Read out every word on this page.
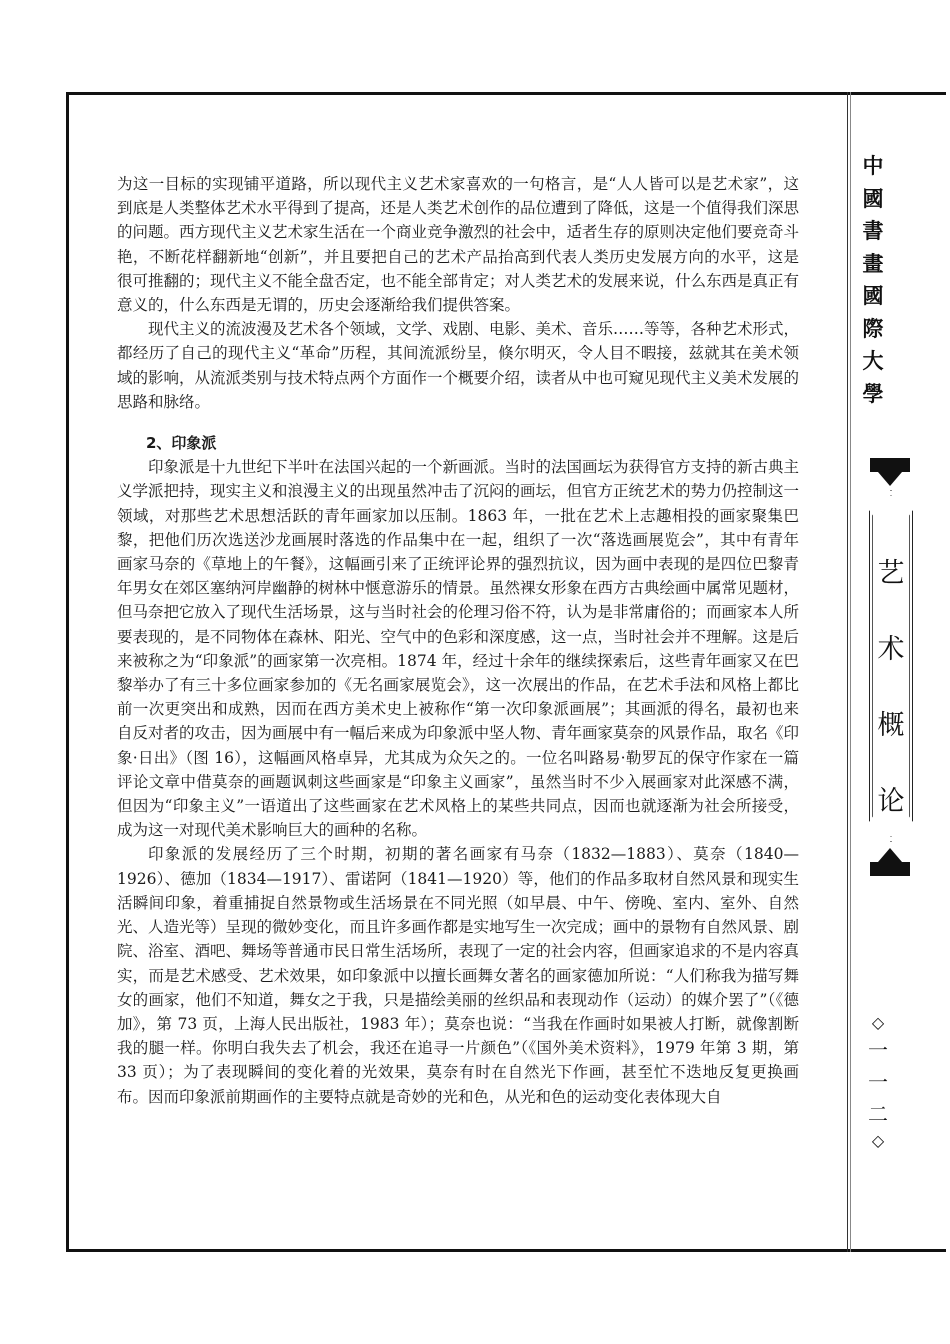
为这一目标的实现铺平道路，所以现代主义艺术家喜欢的一句格言，是“人人皆可以是艺术家”，这到底是人类整体艺术水平得到了提高，还是人类艺术创作的品位遭到了降低，这是一个值得我们深思的问题。西方现代主义艺术家生活在一个商业竞争激烈的社会中，适者生存的原则决定他们要竞奇斗艳，不断花样翻新地“创新”，并且要把自己的艺术产品抬高到代表人类历史发展方向的水平，这是很可推翻的；现代主义不能全盘否定，也不能全部肯定；对人类艺术的发展来说，什么东西是真正有意义的，什么东西是无谓的，历史会逐渐给我们提供答案。

现代主义的流波漫及艺术各个领域，文学、戏剧、电影、美术、音乐……等等，各种艺术形式，都经历了自己的现代主义“革命”历程，其间流派纷呈，倏尔明灭，令人目不暇接，兹就其在美术领域的影响，从流派类别与技术特点两个方面作一个概要介绍，读者从中也可窥见现代主义美术发展的思路和脉络。

2、印象派

印象派是十九世纪下半叶在法国兴起的一个新画派。当时的法国画坛为获得官方支持的新古典主义学派把持，现实主义和浪漫主义的出现虽然冲击了沉闷的画坛，但官方正统艺术的势力仍控制这一领域，对那些艺术思想活跃的青年画家加以压制。1863 年，一批在艺术上志趣相投的画家聚集巴黎，把他们历次选送沙龙画展时落选的作品集中在一起，组织了一次“落选画展览会”，其中有青年画家马奈的《草地上的午餐》，这幅画引来了正统评论界的强烈抗议，因为画中表现的是四位巴黎青年男女在郊区塞纳河岸幽静的树林中惬意游乐的情景。虽然裸女形象在西方古典绘画中属常见题材，但马奈把它放入了现代生活场景，这与当时社会的伦理习俗不符，认为是非常庸俗的；而画家本人所要表现的，是不同物体在森林、阳光、空气中的色彩和深度感，这一点，当时社会并不理解。这是后来被称之为“印象派”的画家第一次亮相。1874 年，经过十余年的继续探索后，这些青年画家又在巴黎举办了有三十多位画家参加的《无名画家展览会》，这一次展出的作品，在艺术手法和风格上都比前一次更突出和成熟，因而在西方美术史上被称作“第一次印象派画展”；其画派的得名，最初也来自反对者的攻击，因为画展中有一幅后来成为印象派中坚人物、青年画家莫奈的风景作品，取名《印象·日出》（图 16），这幅画风格卓异，尤其成为众矢之的。一位名叫路易·勒罗瓦的保守作家在一篇评论文章中借莫奈的画题讽刺这些画家是“印象主义画家”，虽然当时不少入展画家对此深感不满，但因为“印象主义”一语道出了这些画家在艺术风格上的某些共同点，因而也就逐渐为社会所接受，成为这一对现代美术影响巨大的画种的名称。

印象派的发展经历了三个时期，初期的著名画家有马奈（1832—1883）、莫奈（1840—1926）、德加（1834—1917）、雷诺阿（1841—1920）等，他们的作品多取材自然风景和现实生活瞬间印象，着重捕捉自然景物或生活场景在不同光照（如早晨、中午、傍晚、室内、室外、自然光、人造光等）呈现的微妙变化，而且许多画作都是实地写生一次完成；画中的景物有自然风景、剧院、浴室、酒吧、舞场等普通市民日常生活场所，表现了一定的社会内容，但画家追求的不是内容真实，而是艺术感受、艺术效果，如印象派中以擅长画舞女著名的画家德加所说：“人们称我为描写舞女的画家，他们不知道，舞女之于我，只是描绘美丽的丝织品和表现动作（运动）的媒介罢了”（《德加》，第 73 页，上海人民出版社，1983 年）；莫奈也说：“当我在作画时如果被人打断，就像割断我的腿一样。你明白我失去了机会，我还在追寻一片颜色”（《国外美术资料》，1979 年第 3 期，第 33 页）；为了表现瞬间的变化着的光效果，莫奈有时在自然光下作画，甚至忙不迭地反复更换画布。因而印象派前期画作的主要特点就是奇妙的光和色，从光和色的运动变化表体现大自

中
國
書
畫
國
際
大
學
艺
术
概
论
◇
一
一
二
◇
